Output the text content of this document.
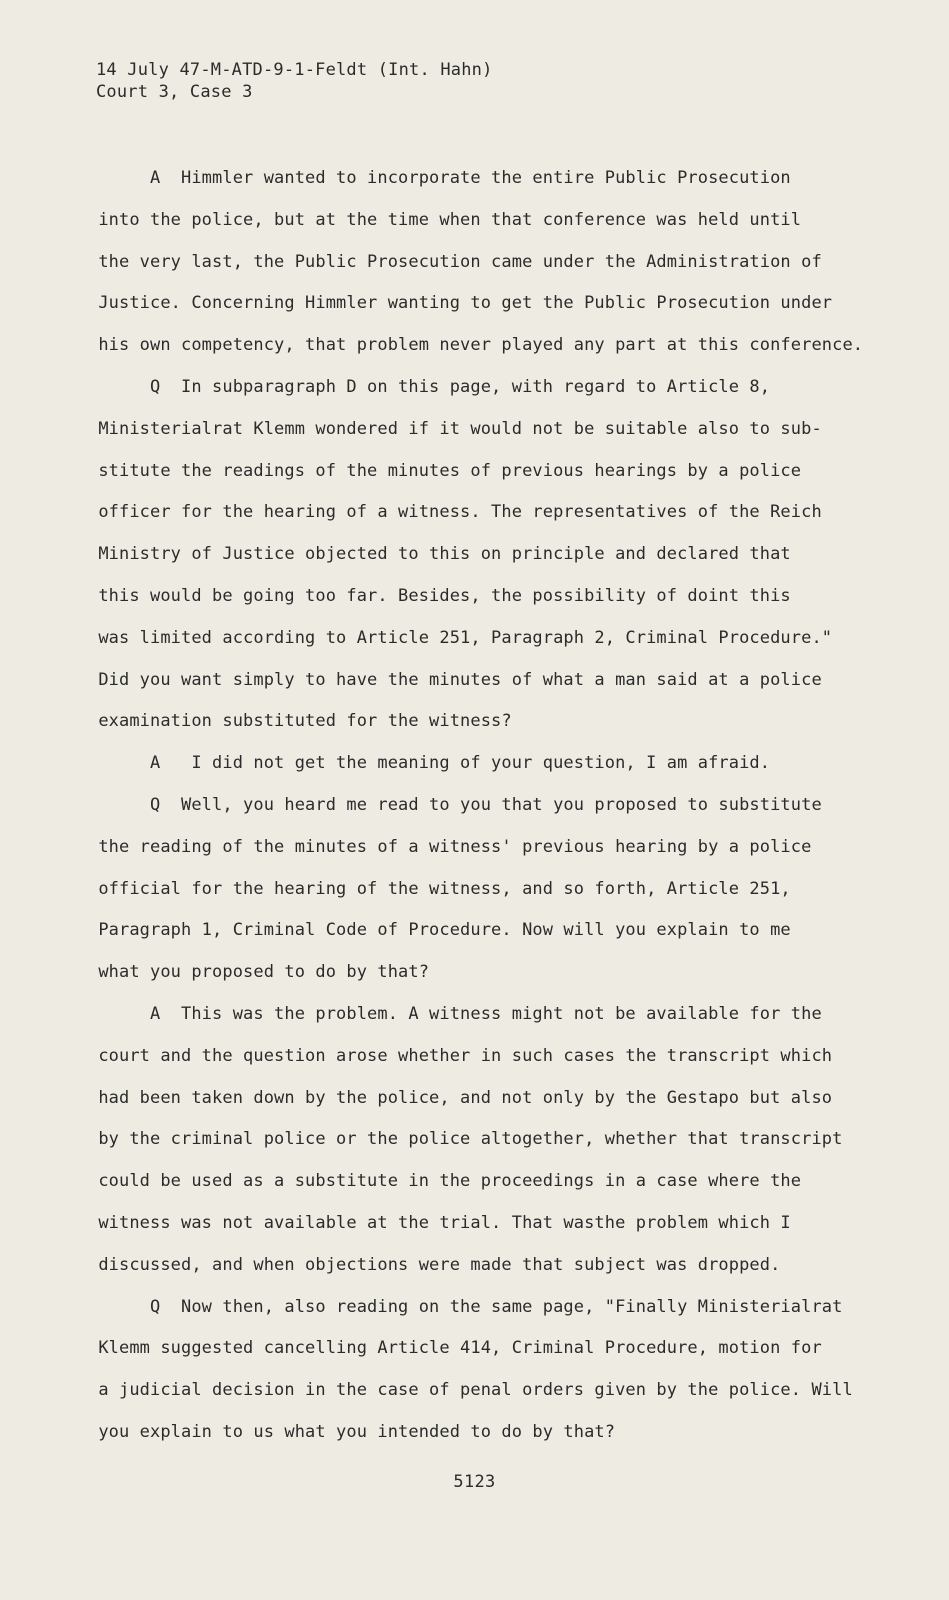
14 July 47-M-ATD-9-1-Feldt (Int. Hahn)
Court 3, Case 3
A  Himmler wanted to incorporate the entire Public Prosecution
into the police, but at the time when that conference was held until
the very last, the Public Prosecution came under the Administration of
Justice. Concerning Himmler wanting to get the Public Prosecution under
his own competency, that problem never played any part at this conference.
Q  In subparagraph D on this page, with regard to Article 8,
Ministerialrat Klemm wondered if it would not be suitable also to sub-
stitute the readings of the minutes of previous hearings by a police
officer for the hearing of a witness. The representatives of the Reich
Ministry of Justice objected to this on principle and declared that
this would be going too far. Besides, the possibility of doint this
was limited according to Article 251, Paragraph 2, Criminal Procedure."
Did you want simply to have the minutes of what a man said at a police
examination substituted for the witness?
A   I did not get the meaning of your question, I am afraid.
Q  Well, you heard me read to you that you proposed to substitute
the reading of the minutes of a witness' previous hearing by a police
official for the hearing of the witness, and so forth, Article 251,
Paragraph 1, Criminal Code of Procedure. Now will you explain to me
what you proposed to do by that?
A  This was the problem. A witness might not be available for the
court and the question arose whether in such cases the transcript which
had been taken down by the police, and not only by the Gestapo but also
by the criminal police or the police altogether, whether that transcript
could be used as a substitute in the proceedings in a case where the
witness was not available at the trial. That wasthe problem which I
discussed, and when objections were made that subject was dropped.
Q  Now then, also reading on the same page, "Finally Ministerialrat
Klemm suggested cancelling Article 414, Criminal Procedure, motion for
a judicial decision in the case of penal orders given by the police. Will
you explain to us what you intended to do by that?
5123
